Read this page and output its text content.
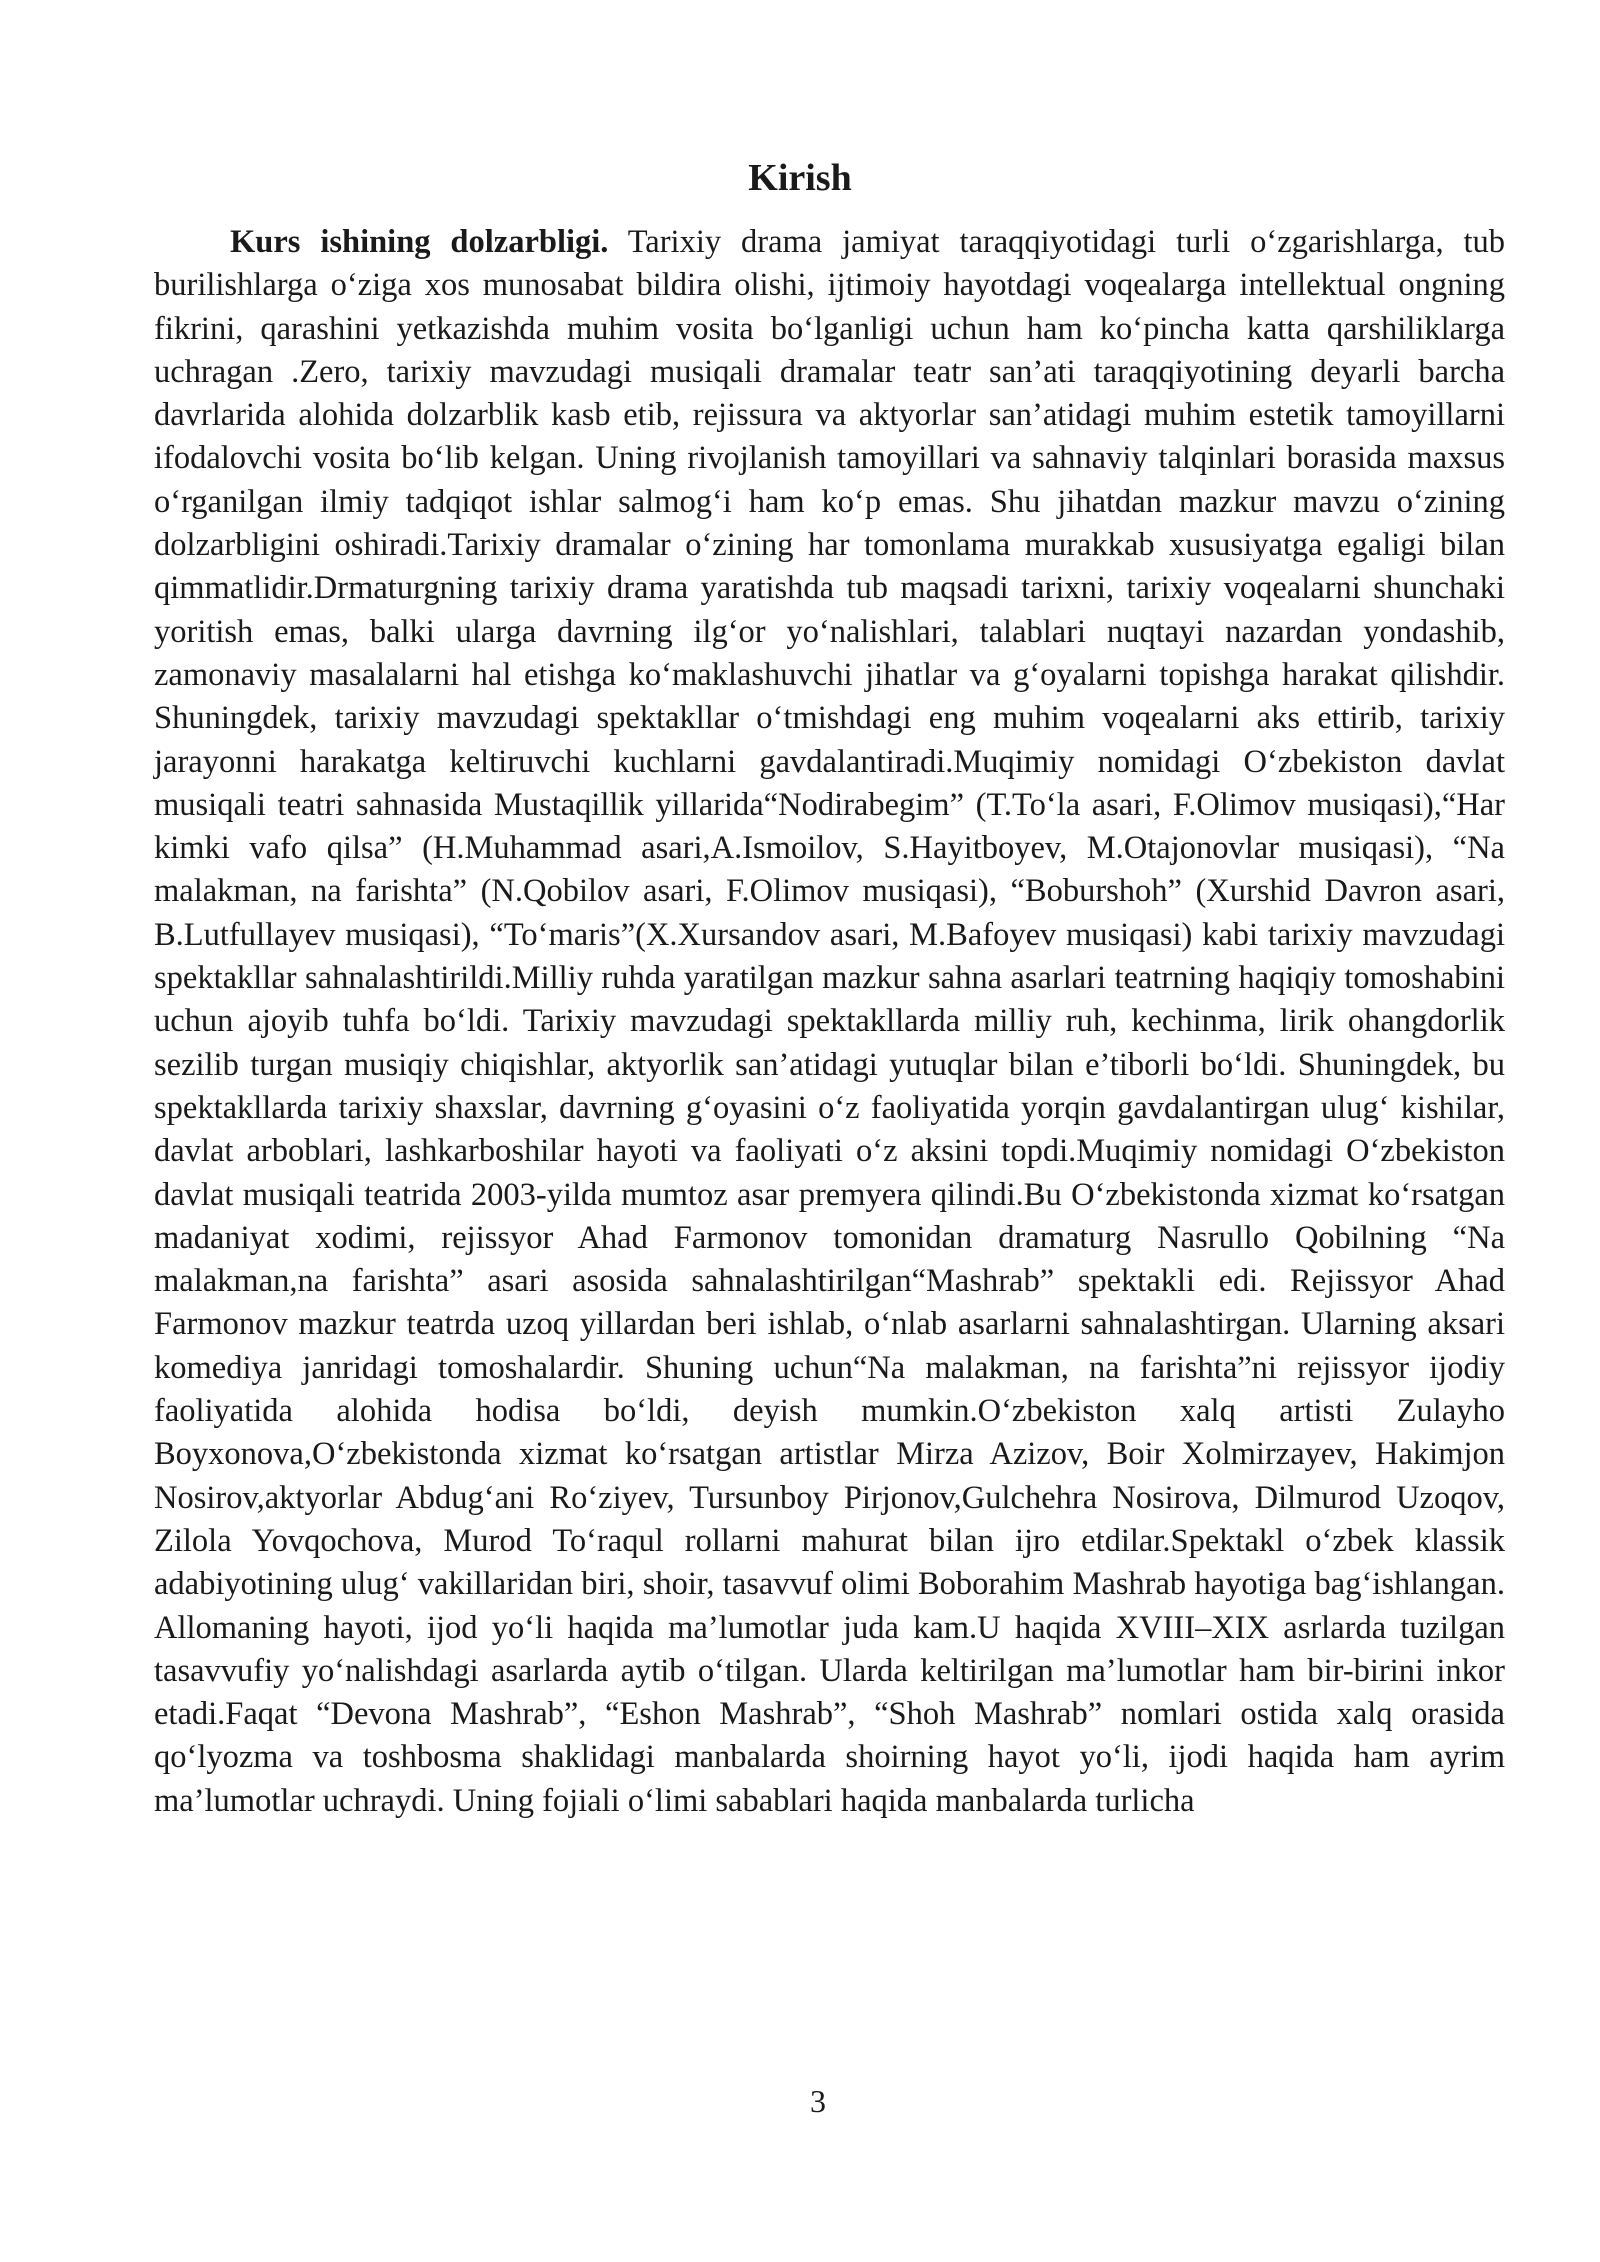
Kirish

Kurs ishining dolzarbligi. Tarixiy drama jamiyat taraqqiyotidagi turli o‘zgarishlarga, tub burilishlarga o‘ziga xos munosabat bildira olishi, ijtimoiy hayotdagi voqealarga intellektual ongning fikrini, qarashini yetkazishda muhim vosita bo‘lganligi uchun ham ko‘pincha katta qarshiliklarga uchragan .Zero, tarixiy mavzudagi musiqali dramalar teatr san’ati taraqqiyotining deyarli barcha davrlarida alohida dolzarblik kasb etib, rejissura va aktyorlar san’atidagi muhim estetik tamoyillarni ifodalovchi vosita bo‘lib kelgan. Uning rivojlanish tamoyillari va sahnaviy talqinlari borasida maxsus o‘rganilgan ilmiy tadqiqot ishlar salmog‘i ham ko‘p emas. Shu jihatdan mazkur mavzu o‘zining dolzarbligini oshiradi.Tarixiy dramalar o‘zining har tomonlama murakkab xususiyatga egaligi bilan qimmatlidir.Drmaturgning tarixiy drama yaratishda tub maqsadi tarixni, tarixiy voqealarni shunchaki yoritish emas, balki ularga davrning ilg‘or yo‘nalishlari, talablari nuqtayi nazardan yondashib, zamonaviy masalalarni hal etishga ko‘maklashuvchi jihatlar va g‘oyalarni topishga harakat qilishdir. Shuningdek, tarixiy mavzudagi spektakllar o‘tmishdagi eng muhim voqealarni aks ettirib, tarixiy jarayonni harakatga keltiruvchi kuchlarni gavdalantiradi.Muqimiy nomidagi O‘zbekiston davlat musiqali teatri sahnasida Mustaqillik yillarida“Nodirabegim” (T.To‘la asari, F.Olimov musiqasi),“Har kimki vafo qilsa” (H.Muhammad asari,A.Ismoilov, S.Hayitboyev, M.Otajonovlar musiqasi), “Na malakman, na farishta” (N.Qobilov asari, F.Olimov musiqasi), “Boburshoh” (Xurshid Davron asari, B.Lutfullayev musiqasi), “To‘maris”(X.Xursandov asari, M.Bafoyev musiqasi) kabi tarixiy mavzudagi spektakllar sahnalashtirildi.Milliy ruhda yaratilgan mazkur sahna asarlari teatrning haqiqiy tomoshabini uchun ajoyib tuhfa bo‘ldi. Tarixiy mavzudagi spektakllarda milliy ruh, kechinma, lirik ohangdorlik sezilib turgan musiqiy chiqishlar, aktyorlik san’atidagi yutuqlar bilan e’tiborli bo‘ldi. Shuningdek, bu spektakllarda tarixiy shaxslar, davrning g‘oyasini o‘z faoliyatida yorqin gavdalantirgan ulug‘ kishilar, davlat arboblari, lashkarboshilar hayoti va faoliyati o‘z aksini topdi.Muqimiy nomidagi O‘zbekiston davlat musiqali teatrida 2003-yilda mumtoz asar premyera qilindi.Bu O‘zbekistonda xizmat ko‘rsatgan madaniyat xodimi, rejissyor Ahad Farmonov tomonidan dramaturg Nasrullo Qobilning “Na malakman,na farishta” asari asosida sahnalashtirilgan“Mashrab” spektakli edi. Rejissyor Ahad Farmonov mazkur teatrda uzoq yillardan beri ishlab, o‘nlab asarlarni sahnalashtirgan. Ularning aksari komediya janridagi tomoshalardir. Shuning uchun“Na malakman, na farishta”ni rejissyor ijodiy faoliyatida alohida hodisa bo‘ldi, deyish mumkin.O‘zbekiston xalq artisti Zulayho Boyxonova,O‘zbekistonda xizmat ko‘rsatgan artistlar Mirza Azizov, Boir Xolmirzayev, Hakimjon Nosirov,aktyorlar Abdug‘ani Ro‘ziyev, Tursunboy Pirjonov,Gulchehra Nosirova, Dilmurod Uzoqov, Zilola Yovqochova, Murod To‘raqul rollarni mahurat bilan ijro etdilar.Spektakl o‘zbek klassik adabiyotining ulug‘ vakillaridan biri, shoir, tasavvuf olimi Boborahim Mashrab hayotiga bag‘ishlangan. Allomaning hayoti, ijod yo‘li haqida ma’lumotlar juda kam.U haqida XVIII–XIX asrlarda tuzilgan tasavvufiy yo‘nalishdagi asarlarda aytib o‘tilgan. Ularda keltirilgan ma’lumotlar ham bir-birini inkor etadi.Faqat “Devona Mashrab”, “Eshon Mashrab”, “Shoh Mashrab” nomlari ostida xalq orasida qo‘lyozma va toshbosma shaklidagi manbalarda shoirning hayot yo‘li, ijodi haqida ham ayrim ma’lumotlar uchraydi. Uning fojiali o‘limi sabablari haqida manbalarda turlicha

3
